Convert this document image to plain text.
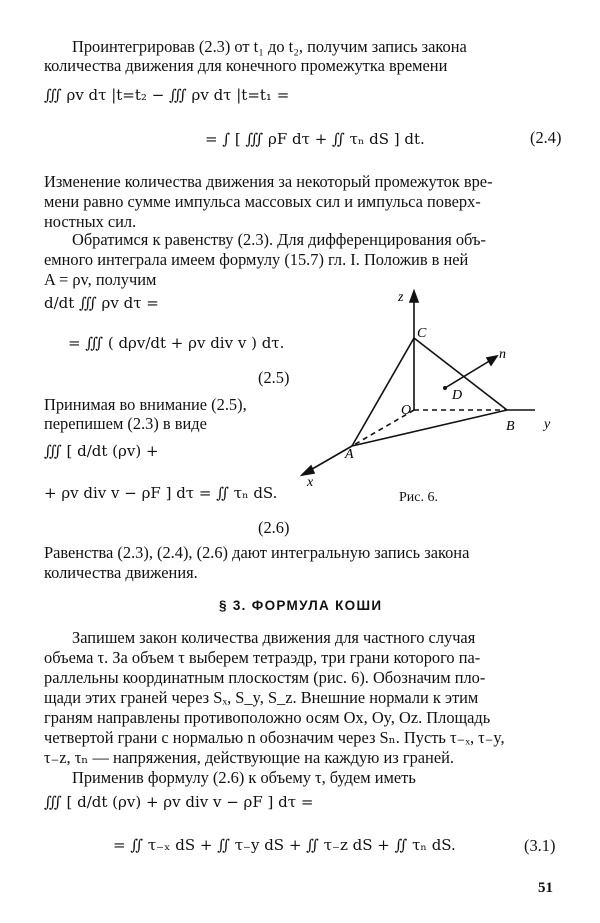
Проинтегрировав (2.3) от t₁ до t₂, получим запись закона
количества движения для конечного промежутка времени
∭ ρv dτ |t=t₂ − ∭ ρv dτ |t=t₁ =
= ∫ [ ∭ ρF dτ + ∬ τₙ dS ] dt.	(2.4)
Изменение количества движения за некоторый промежуток вре-
мени равно сумме импульса массовых сил и импульса поверх-
ностных сил.
Обратимся к равенству (2.3). Для дифференцирования объ-
емного интеграла имеем формулу (15.7) гл. I. Положив в ней
A = ρv, получим
d/dt ∭ ρv dτ =
= ∭ ( dρv/dt + ρv div v ) dτ.
(2.5)
Принимая во внимание (2.5),
перепишем (2.3) в виде
∭ [ d/dt (ρv) +
+ ρv div v − ρF ] dτ = ∬ τₙ dS.
(2.6)
z
y
x
C
O
D
B
A
n
Рис. 6.
Равенства (2.3), (2.4), (2.6) дают интегральную запись закона
количества движения.
§ 3. ФОРМУЛА КОШИ
Запишем закон количества движения для частного случая
объема τ. За объем τ выберем тетраэдр, три грани которого па-
раллельны координатным плоскостям (рис. 6). Обозначим пло-
щади этих граней через Sₓ, S_y, S_z. Внешние нормали к этим
граням направлены противоположно осям Ox, Oy, Oz. Площадь
четвертой грани с нормалью n обозначим через Sₙ. Пусть τ₋ₓ, τ₋y,
τ₋z, τₙ — напряжения, действующие на каждую из граней.
Применив формулу (2.6) к объему τ, будем иметь
∭ [ d/dt (ρv) + ρv div v − ρF ] dτ =
= ∬ τ₋ₓ dS + ∬ τ₋y dS + ∬ τ₋z dS + ∬ τₙ dS.	(3.1)
51
